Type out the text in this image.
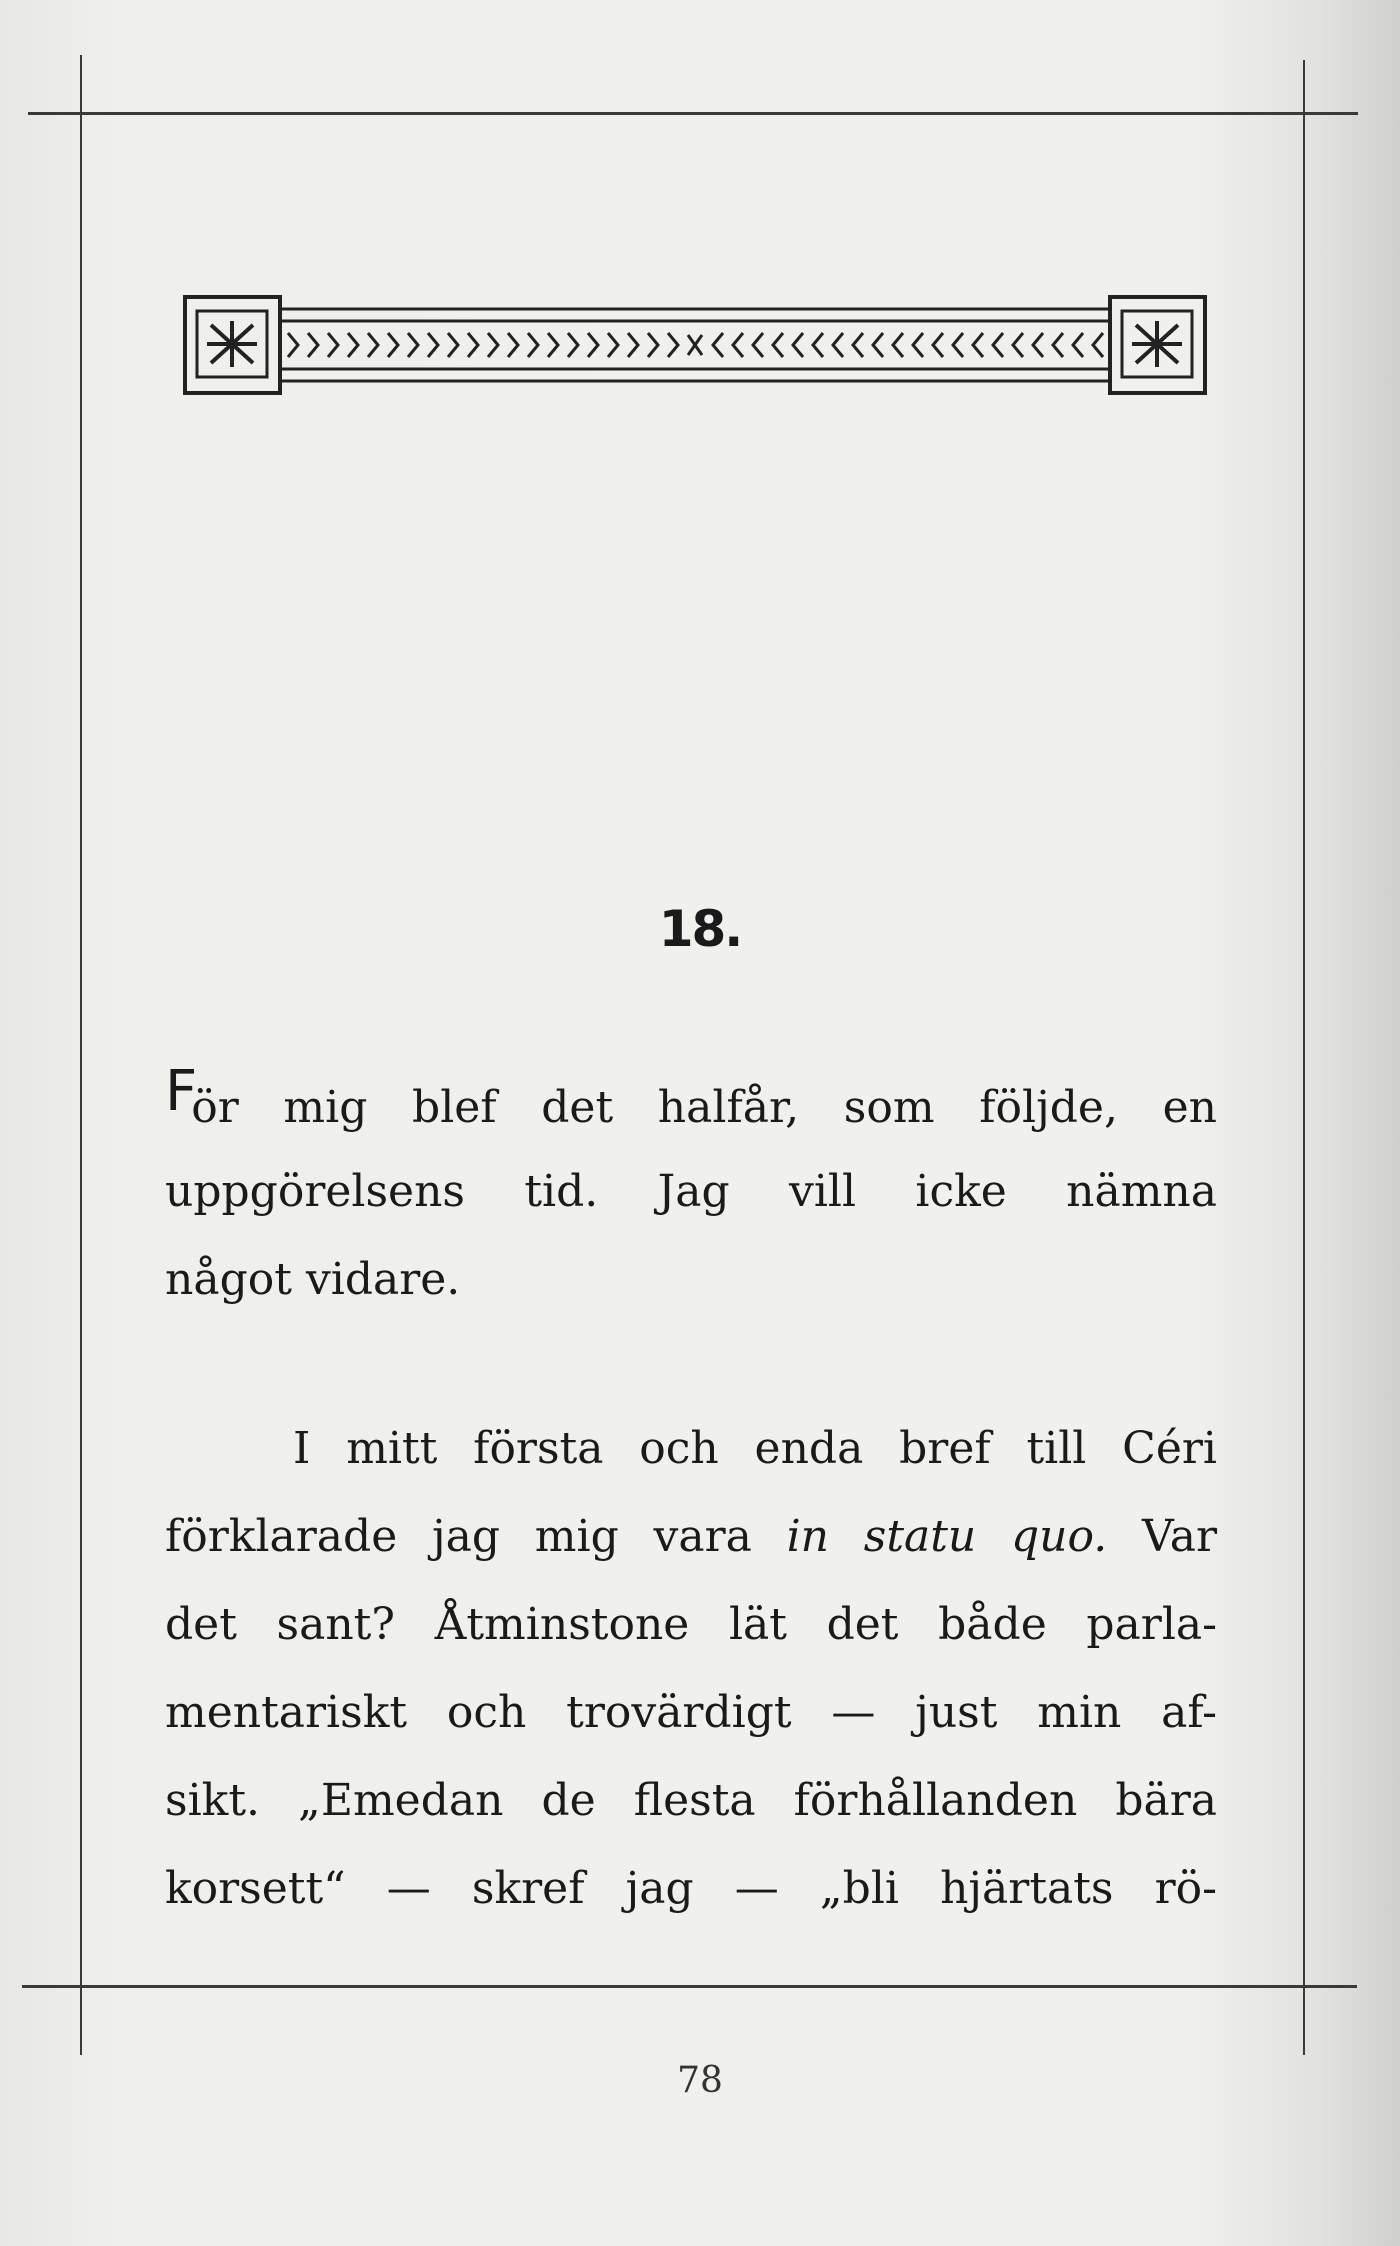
18.
För mig blef det halfår, som följde, en
uppgörelsens tid. Jag vill icke nämna
något vidare.
I mitt första och enda bref till Céri
förklarade jag mig vara in statu quo. Var
det sant? Åtminstone lät det både parla-
mentariskt och trovärdigt — just min af-
sikt. „Emedan de flesta förhållanden bära
korsett“ — skref jag — „bli hjärtats rö-
78
